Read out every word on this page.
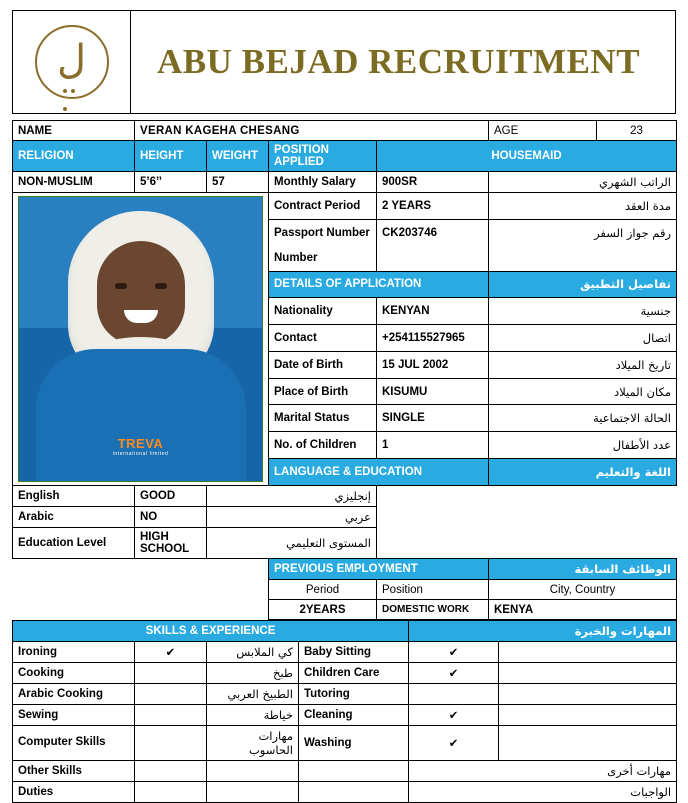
ل ABU BEJAD RECRUITMENT
NAME	VERAN KAGEHA CHESANG				AGE	23
RELIGION	HEIGHT	WEIGHT	POSITION APPLIED	HOUSEMAID		
NON-MUSLIM	5’6’’	57	Monthly Salary	900SR	الراتب الشهري	

TREVA
international limited			Contract Period	2 YEARS	مدة العقد	
			Passport Number	CK203746	رقم جواز السفر	
			Number			
			DETAILS OF APPLICATION		تفاصيل التطبيق	
			Nationality	KENYAN	جنسية	
			Contact	+254115527965	اتصال	
			Date of Birth	15 JUL 2002	تاريخ الميلاد	
			Place of Birth	KISUMU	مكان الميلاد	
			Marital Status	SINGLE	الحالة الاجتماعية	
			No. of Children	1	عدد الأطفال	
			LANGUAGE & EDUCATION		اللغة والتعليم	
English	GOOD	إنجليزي				
Arabic	NO	عربي				
Education Level	HIGH SCHOOL	المستوى التعليمي				
			PREVIOUS EMPLOYMENT		الوظائف السابقة	
			Period	Position	City, Country	
			2YEARS	DOMESTIC WORK	KENYA	
SKILLS & EXPERIENCE				المهارات والخبرة	
Ironing	✔	كي الملابس	Baby Sitting	✔	
Cooking		طبخ	Children Care	✔	
Arabic Cooking		الطبيخ العربي	Tutoring		
Sewing		خياطة	Cleaning	✔	
Computer Skills		مهارات الحاسوب	Washing	✔	
Other Skills				مهارات أخرى	
Duties				الواجبات	
